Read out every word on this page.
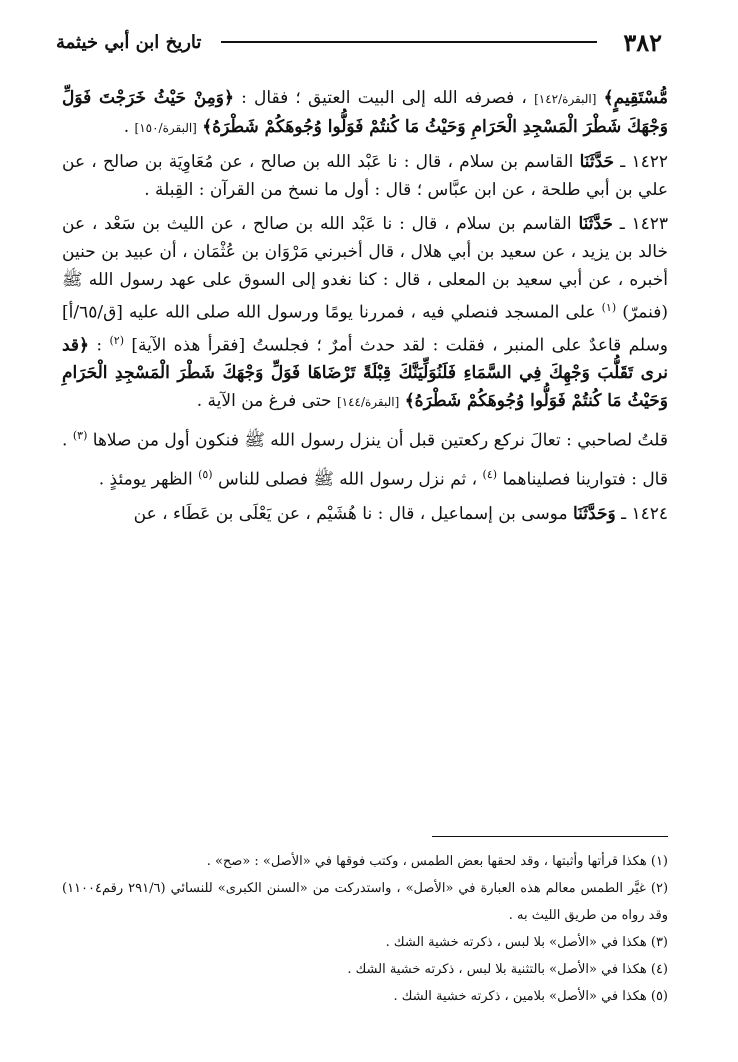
٣٨٢
تاريخ ابن أبي خيثمة

مُّسْتَقِيمٍ﴾ [البقرة/١٤٢] ، فصرفه الله إلى البيت العتيق ؛ فقال : ﴿وَمِنْ حَيْثُ خَرَجْتَ فَوَلِّ وَجْهَكَ شَطْرَ الْمَسْجِدِ الْحَرَامِ وَحَيْثُ مَا كُنتُمْ فَوَلُّوا وُجُوهَكُمْ شَطْرَهُ﴾ [البقرة/١٥٠] .

١٤٢٢ ـ حَدَّثَنَا القاسم بن سلام ، قال : نا عَبْد الله بن صالح ، عن مُعَاوِيَة بن صالح ، عن علي بن أبي طلحة ، عن ابن عبَّاس ؛ قال : أول ما نسخ من القرآن : القِبلة .

١٤٢٣ ـ حَدَّثَنَا القاسم بن سلام ، قال : نا عَبْد الله بن صالح ، عن الليث بن سَعْد ، عن خالد بن يزيد ، عن سعيد بن أبي هلال ، قال أخبرني مَرْوَان بن عُثْمَان ، أن عبيد بن حنين أخبره ، عن أبي سعيد بن المعلى ، قال : كنا نغدو إلى السوق على عهد رسول الله ﷺ (فنمرّ) $^{(١)}$ على المسجد فنصلي فيه ، فمررنا يومًا ورسول الله صلى الله عليه [ق/٦٥/أ] وسلم قاعدٌ على المنبر ، فقلت : لقد حدث أمرٌ ؛ فجلستُ [فقرأ هذه الآية] $^{(٢)}$ : ﴿قد نرى تَقَلُّبَ وَجْهِكَ فِي السَّمَاءِ فَلَنُوَلِّيَنَّكَ قِبْلَةً تَرْضَاهَا فَوَلِّ وَجْهَكَ شَطْرَ الْمَسْجِدِ الْحَرَامِ وَحَيْثُ مَا كُنتُمْ فَوَلُّوا وُجُوهَكُمْ شَطْرَهُ﴾ [البقرة/١٤٤] حتى فرغ من الآية .

قلتُ لصاحبي : تعالَ نركع ركعتين قبل أن ينزل رسول الله ﷺ فنكون أول من صلاها $^{(٣)}$ .

قال : فتوارينا فصليناهما $^{(٤)}$ ، ثم نزل رسول الله ﷺ فصلى للناس $^{(٥)}$ الظهر يومئذٍ .

١٤٢٤ ـ وَحَدَّثَنَا موسى بن إسماعيل ، قال : نا هُشَيْم ، عن يَعْلَى بن عَطَاء ، عن

(١) هكذا قرأتها وأثبتها ، وقد لحقها بعض الطمس ، وكتب فوقها في «الأصل» : «صح» .

(٢) غيَّر الطمس معالم هذه العبارة في «الأصل» ، واستدركت من «السنن الكبرى» للنسائي (٢٩١/٦ رقم١١٠٠٤) وقد رواه من طريق الليث به .

(٣) هكذا في «الأصل» بلا لبس ، ذكرته خشية الشك .

(٤) هكذا في «الأصل» بالتثنية بلا لبس ، ذكرته خشية الشك .

(٥) هكذا في «الأصل» بلامين ، ذكرته خشية الشك .
